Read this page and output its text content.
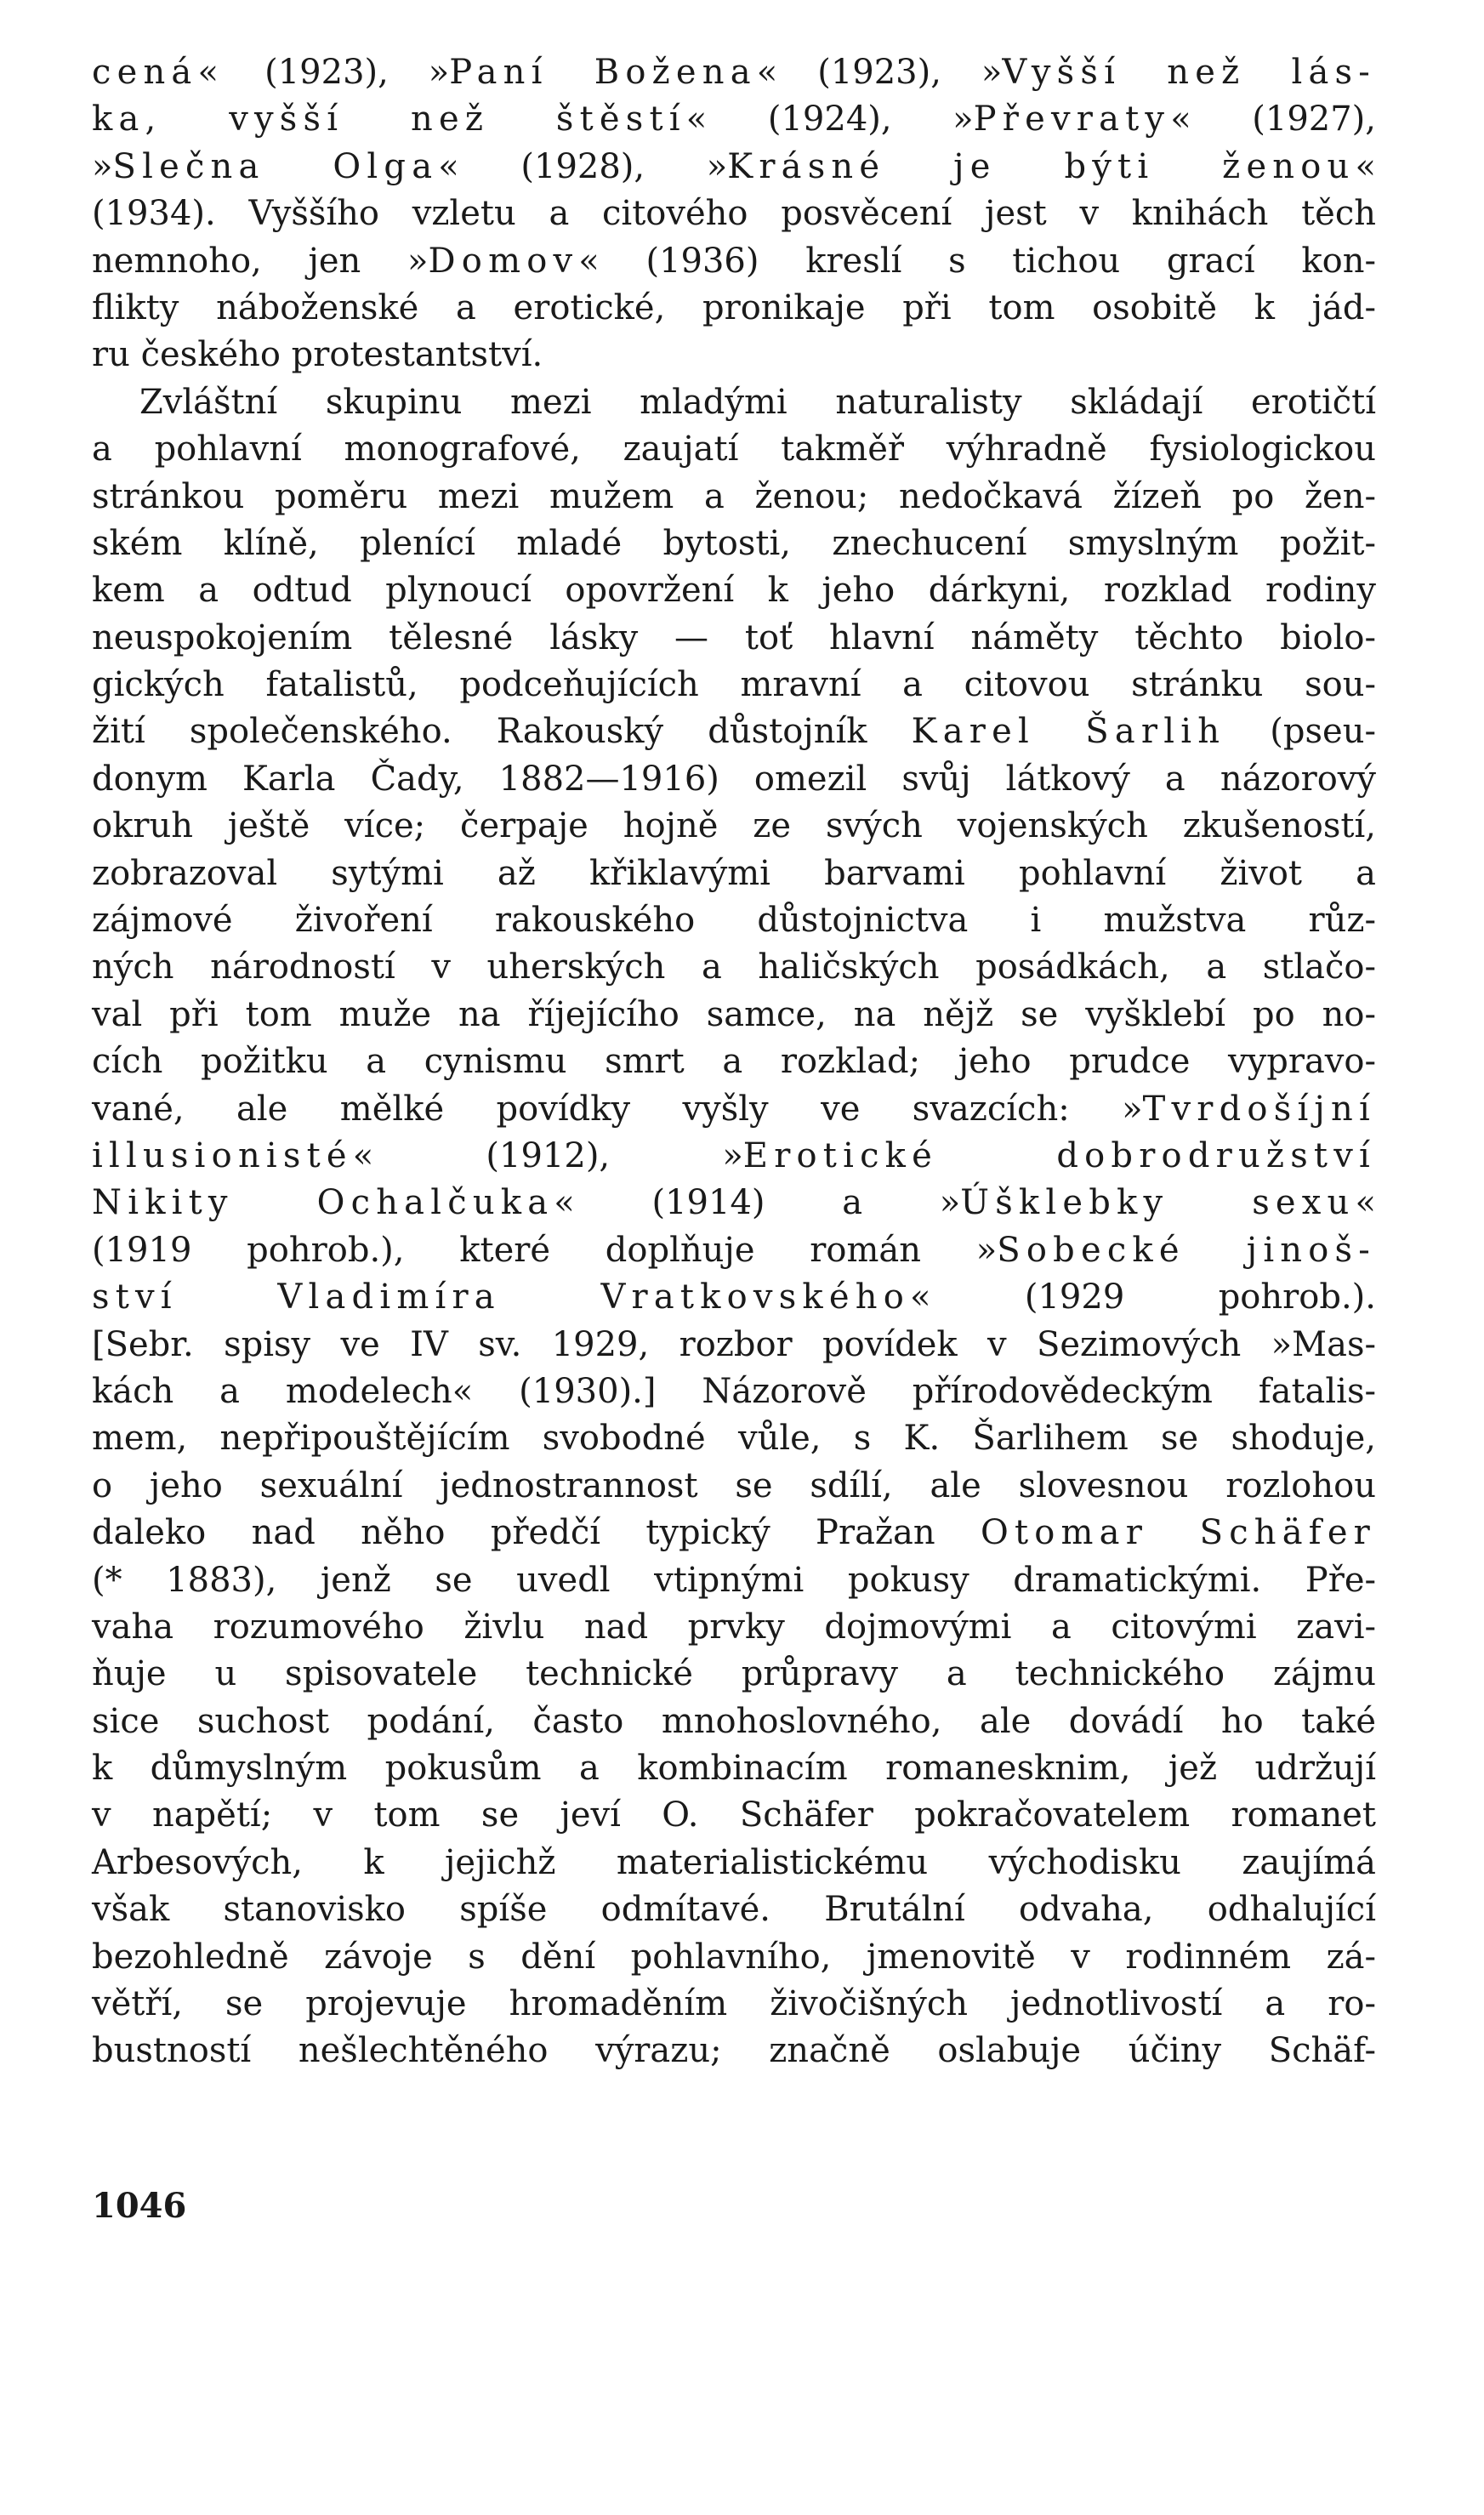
cená« (1923), »Paní Božena« (1923), »Vyšší než lás-
ka, vyšší než štěstí« (1924), »Převraty« (1927),
»Slečna Olga« (1928), »Krásné je býti ženou«
(1934). Vyššího vzletu a citového posvěcení jest v knihách těch
nemnoho, jen »Domov« (1936) kreslí s tichou grací kon-
flikty náboženské a erotické, pronikaje při tom osobitě k jád-
ru českého protestantství.
Zvláštní skupinu mezi mladými naturalisty skládají erotičtí
a pohlavní monografové, zaujatí takměř výhradně fysiologickou
stránkou poměru mezi mužem a ženou; nedočkavá žízeň po žen-
ském klíně, plenící mladé bytosti, znechucení smyslným požit-
kem a odtud plynoucí opovržení k jeho dárkyni, rozklad rodiny
neuspokojením tělesné lásky — toť hlavní náměty těchto biolo-
gických fatalistů, podceňujících mravní a citovou stránku sou-
žití společenského. Rakouský důstojník Karel Šarlih (pseu-
donym Karla Čady, 1882—1916) omezil svůj látkový a názorový
okruh ještě více; čerpaje hojně ze svých vojenských zkušeností,
zobrazoval sytými až křiklavými barvami pohlavní život a
zájmové živoření rakouského důstojnictva i mužstva růz-
ných národností v uherských a haličských posádkách, a stlačo-
val při tom muže na říjejícího samce, na nějž se vyšklebí po no-
cích požitku a cynismu smrt a rozklad; jeho prudce vypravo-
vané, ale mělké povídky vyšly ve svazcích: »Tvrdošíjní
illusionisté« (1912), »Erotické dobrodružství
Nikity Ochalčuka« (1914) a »Úšklebky sexu«
(1919 pohrob.), které doplňuje román »Sobecké jinoš-
ství Vladimíra Vratkovského« (1929 pohrob.).
[Sebr. spisy ve IV sv. 1929, rozbor povídek v Sezimových »Mas-
kách a modelech« (1930).] Názorově přírodovědeckým fatalis-
mem, nepřipouštějícím svobodné vůle, s K. Šarlihem se shoduje,
o jeho sexuální jednostrannost se sdílí, ale slovesnou rozlohou
daleko nad něho předčí typický Pražan Otomar Schäfer
(* 1883), jenž se uvedl vtipnými pokusy dramatickými. Pře-
vaha rozumového živlu nad prvky dojmovými a citovými zavi-
ňuje u spisovatele technické průpravy a technického zájmu
sice suchost podání, často mnohoslovného, ale dovádí ho také
k důmyslným pokusům a kombinacím romanesknim, jež udržují
v napětí; v tom se jeví O. Schäfer pokračovatelem romanet
Arbesových, k jejichž materialistickému východisku zaujímá
však stanovisko spíše odmítavé. Brutální odvaha, odhalující
bezohledně závoje s dění pohlavního, jmenovitě v rodinném zá-
větří, se projevuje hromaděním živočišných jednotlivostí a ro-
bustností nešlechtěného výrazu; značně oslabuje účiny Schäf-
1046
